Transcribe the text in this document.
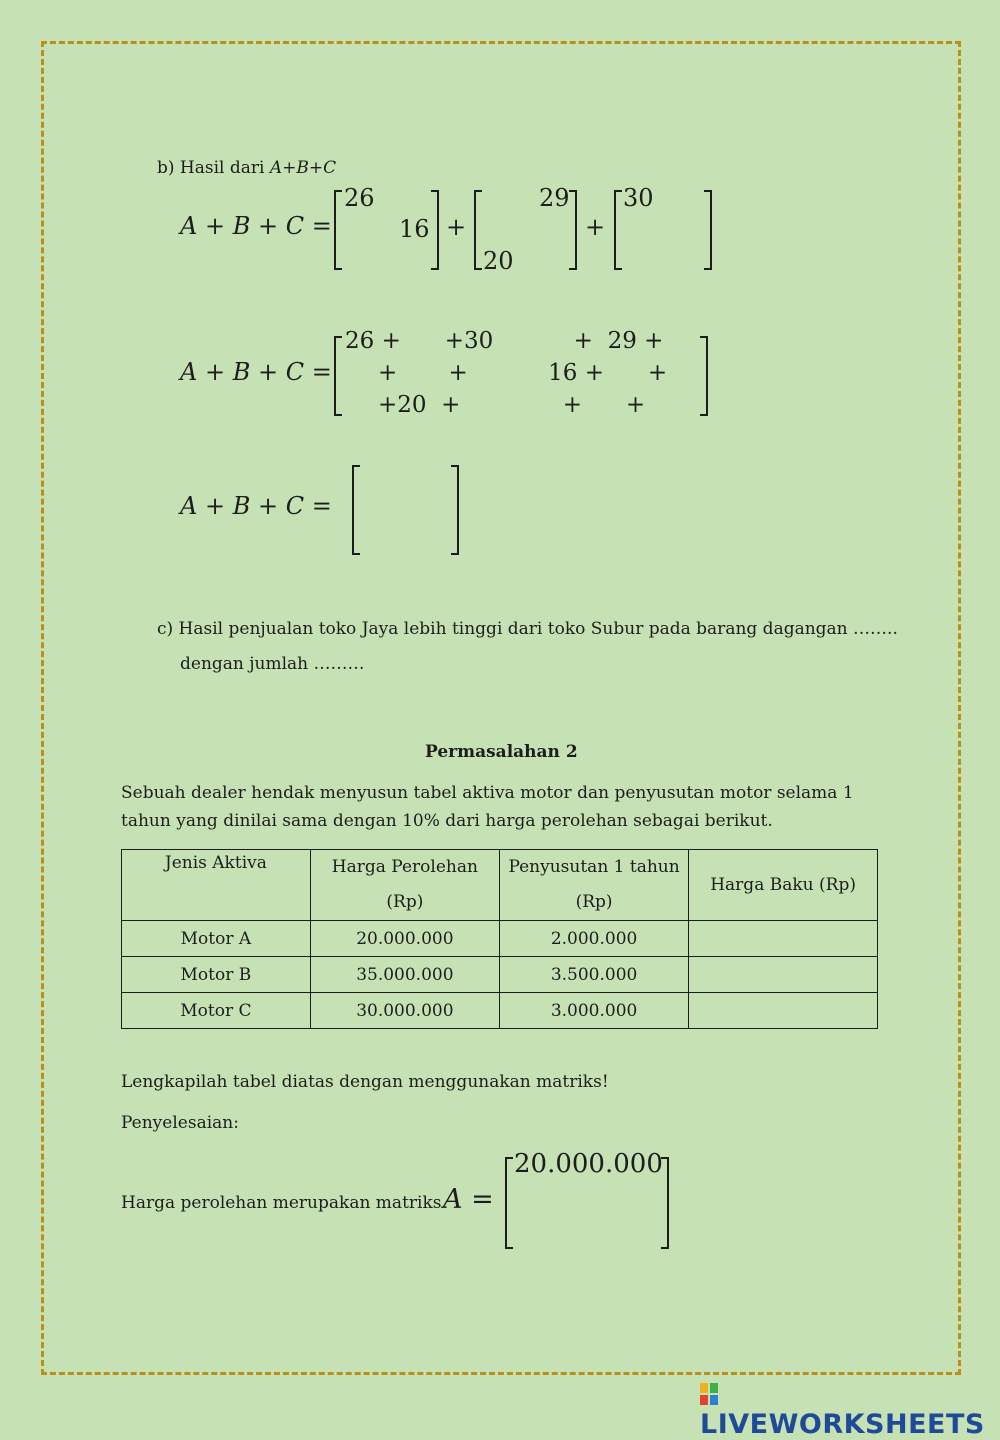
b) Hasil dari A+B+C
A + B + C =
26
16 +
29
20
+
30
A + B + C =
26 +      +30           +  29 +
+       +           16 +      +
+20  +              +      +
A + B + C =
c) Hasil penjualan toko Jaya lebih tinggi dari toko Subur pada barang dagangan ……..
dengan jumlah ………
Permasalahan 2
Sebuah dealer hendak menyusun tabel aktiva motor dan penyusutan motor selama 1
tahun yang dinilai sama dengan 10% dari harga perolehan sebagai berikut.
Jenis Aktiva	Harga Perolehan (Rp)	Penyusutan 1 tahun (Rp)	Harga Baku (Rp)
Motor A	20.000.000	2.000.000	
Motor B	35.000.000	3.500.000	
Motor C	30.000.000	3.000.000	
Lengkapilah tabel diatas dengan menggunakan matriks!
Penyelesaian:
Harga perolehan merupakan matriks A =
20.000.000
LIVEWORKSHEETS
